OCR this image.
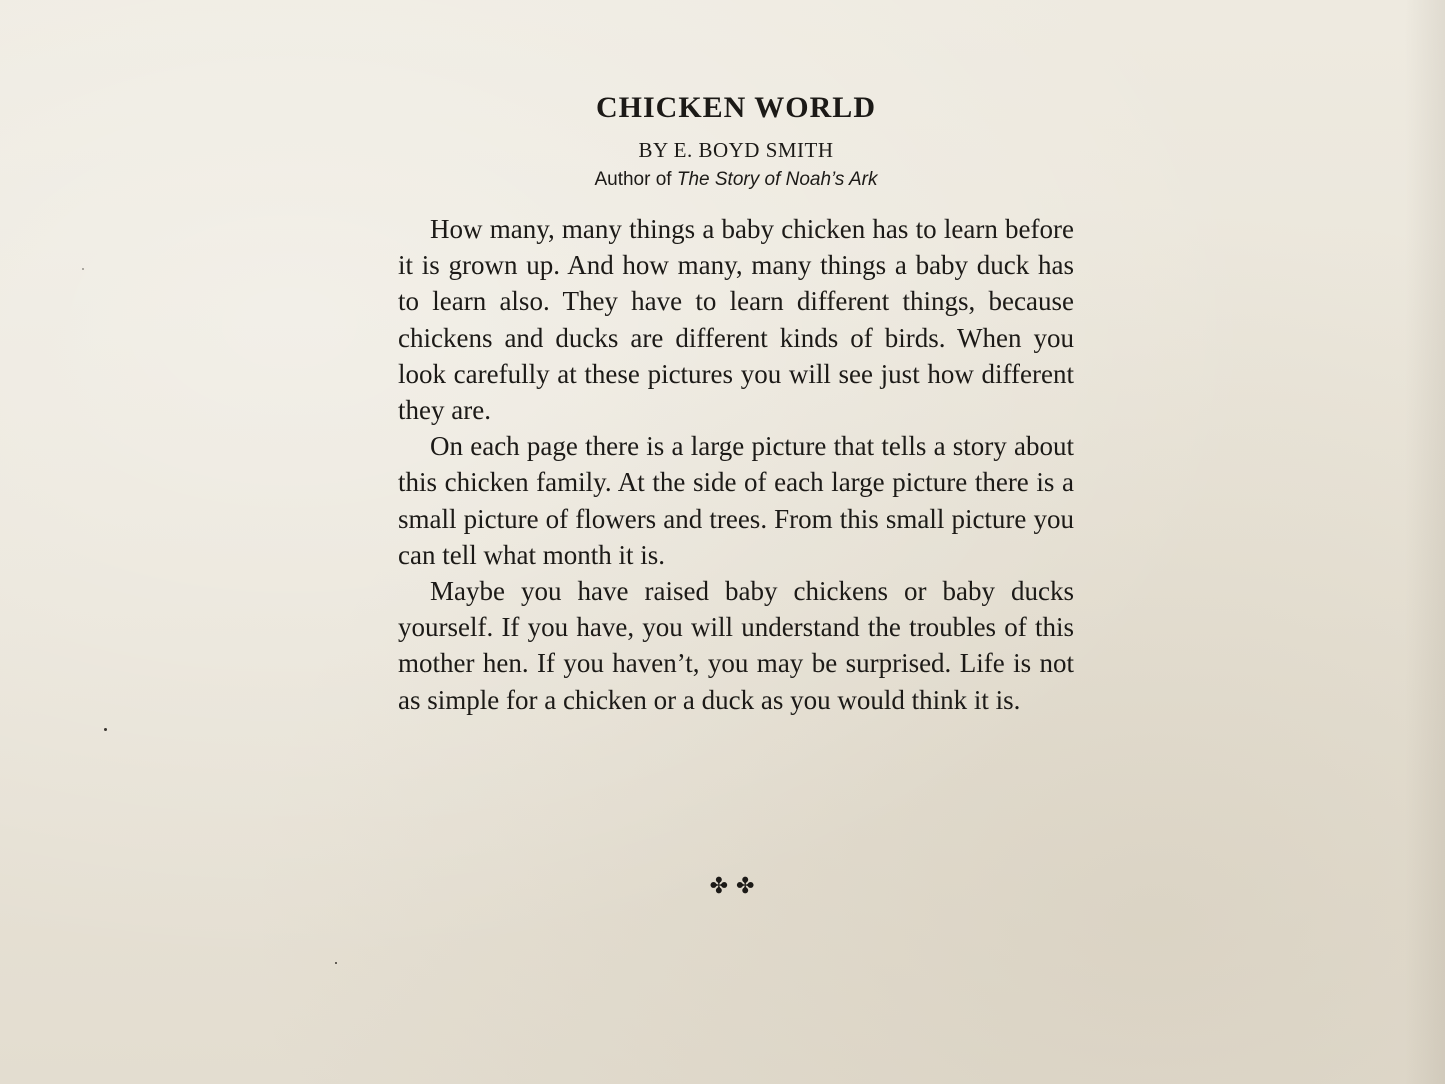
CHICKEN WORLD
BY E. BOYD SMITH
Author of The Story of Noah’s Ark

How many, many things a baby chicken has to learn before it is grown up. And how many, many things a baby duck has to learn also. They have to learn different things, because chickens and ducks are different kinds of birds. When you look carefully at these pictures you will see just how different they are.

On each page there is a large picture that tells a story about this chicken family. At the side of each large picture there is a small picture of flowers and trees. From this small picture you can tell what month it is.

Maybe you have raised baby chickens or baby ducks yourself. If you have, you will understand the troubles of this mother hen. If you haven’t, you may be surprised. Life is not as simple for a chicken or a duck as you would think it is.

✤✤
